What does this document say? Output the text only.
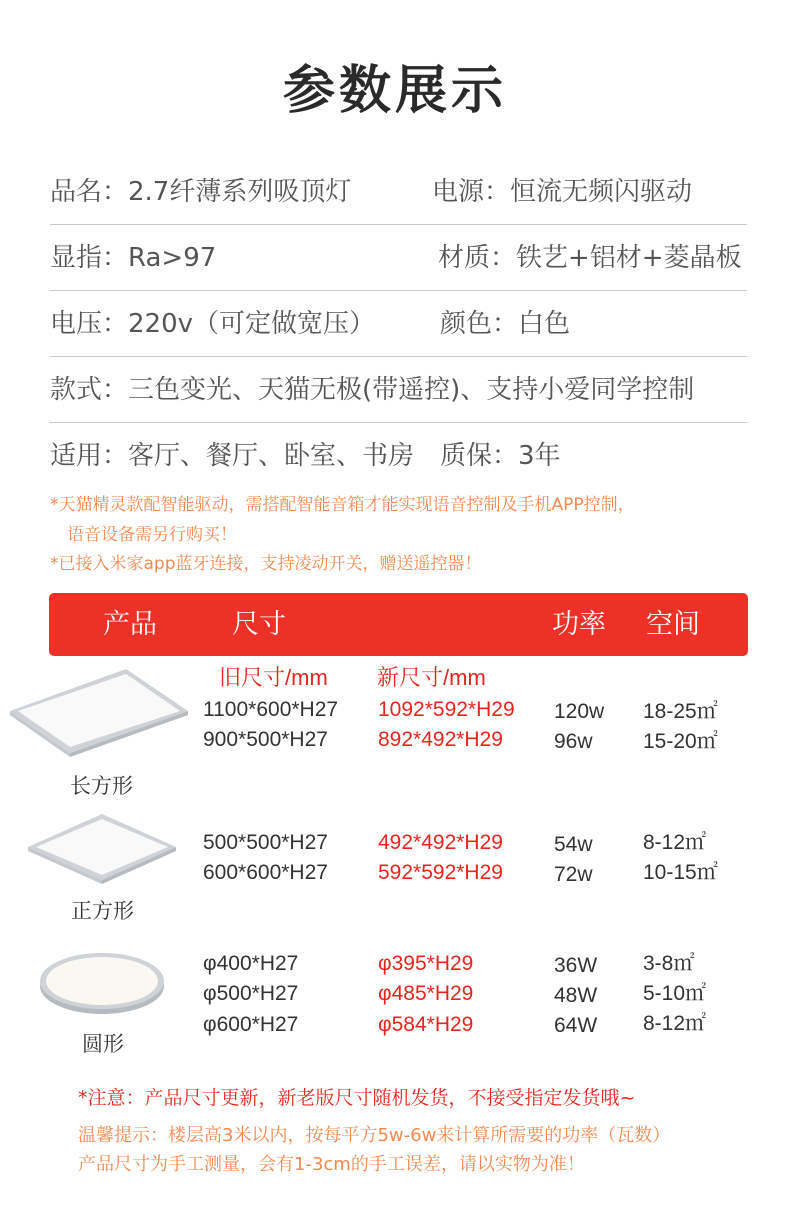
参数展示
品名：2.7纤薄系列吸顶灯	电源：恒流无频闪驱动
显指：Ra>97	材质：铁艺+铝材+菱晶板
电压：220v（可定做宽压） 颜色：白色
款式：三色变光、天猫无极(带遥控)、支持小爱同学控制
适用：客厅、餐厅、卧室、书房　质保：3年
*天猫精灵款配智能驱动，需搭配智能音箱才能实现语音控制及手机APP控制，
　语音设备需另行购买！
*已接入米家app蓝牙连接，支持凌动开关，赠送遥控器！
产品	尺寸	功率 空间
旧尺寸/mm 新尺寸/mm
长方形
1100*600*H27 1092*592*H29 120w 18-25㎡
900*500*H27 892*492*H29 96w 15-20㎡
正方形
500*500*H27 492*492*H29 54w 8-12㎡
600*600*H27 592*592*H29 72w 10-15㎡
圆形
φ400*H27	φ395*H29	36W 3-8㎡
φ500*H27	φ485*H29	48W 5-10㎡
φ600*H27	φ584*H29	64W 8-12㎡
*注意：产品尺寸更新，新老版尺寸随机发货，不接受指定发货哦~
温馨提示：楼层高3米以内，按每平方5w-6w来计算所需要的功率（瓦数）
产品尺寸为手工测量，会有1-3cm的手工误差，请以实物为准！
